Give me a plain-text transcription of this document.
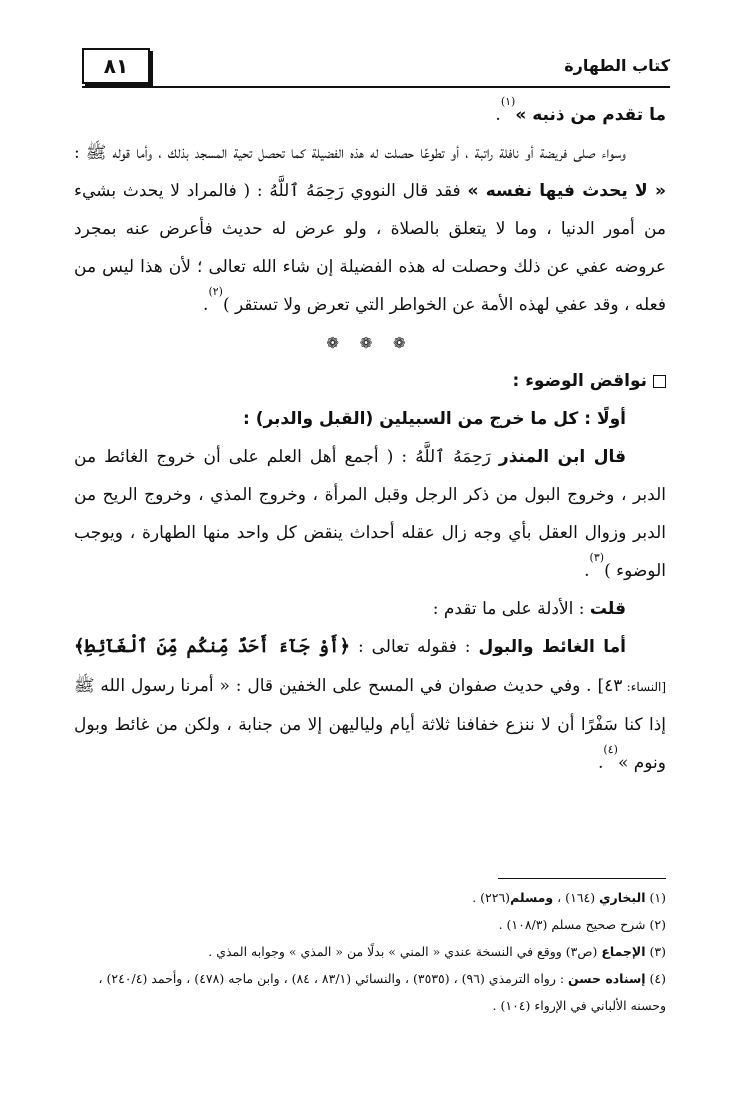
٨١	كتاب الطهارة

ما تقدم من ذنبه »$^{(١)}$.

وسواء صلى فريضة أو نافلة راتبة ، أو تطوعًا حصلت له هذه الفضيلة كما تحصل تحية المسجد بذلك ، وأما قوله ﷺ : « لا يحدث فيها نفسه » فقد قال النووي رَحِمَهُ ٱللَّهُ : ( فالمراد لا يحدث بشيء من أمور الدنيا ، وما لا يتعلق بالصلاة ، ولو عرض له حديث فأعرض عنه بمجرد عروضه عفي عن ذلك وحصلت له هذه الفضيلة إن شاء الله تعالى ؛ لأن هذا ليس من فعله ، وقد عفي لهذه الأمة عن الخواطر التي تعرض ولا تستقر )$^{(٢)}$.

❁ ❁ ❁

نواقض الوضوء :

أولًا : كل ما خرج من السبيلين (القبل والدبر) :

قال ابن المنذر رَحِمَهُ ٱللَّهُ : ( أجمع أهل العلم على أن خروج الغائط من الدبر ، وخروج البول من ذكر الرجل وقبل المرأة ، وخروج المذي ، وخروج الريح من الدبر وزوال العقل بأي وجه زال عقله أحداث ينقض كل واحد منها الطهارة ، ويوجب الوضوء )$^{(٣)}$.

قلت : الأدلة على ما تقدم :

أما الغائط والبول : فقوله تعالى : ﴿أَوْ جَآءَ أَحَدٌ مِّنكُم مِّنَ ٱلْغَآئِطِ﴾ [النساء: ٤٣] . وفي حديث صفوان في المسح على الخفين قال : « أمرنا رسول الله ﷺ إذا كنا سَفْرًا أن لا ننزع خفافنا ثلاثة أيام ولياليهن إلا من جنابة ، ولكن من غائط وبول ونوم »$^{(٤)}$.

(١) البخاري (١٦٤) ، ومسلم(٢٢٦) .
(٢) شرح صحيح مسلم (١٠٨/٣) .
(٣) الإجماع (ص٣) ووقع في النسخة عندي « المني » بدلًا من « المذي » وجوابه المذي .
(٤) إسناده حسن : رواه الترمذي (٩٦) ، (٣٥٣٥) ، والنسائي (٨٣/١ ، ٨٤) ، وابن ماجه (٤٧٨) ، وأحمد (٢٤٠/٤) ، وحسنه الألباني في الإرواء (١٠٤) .
